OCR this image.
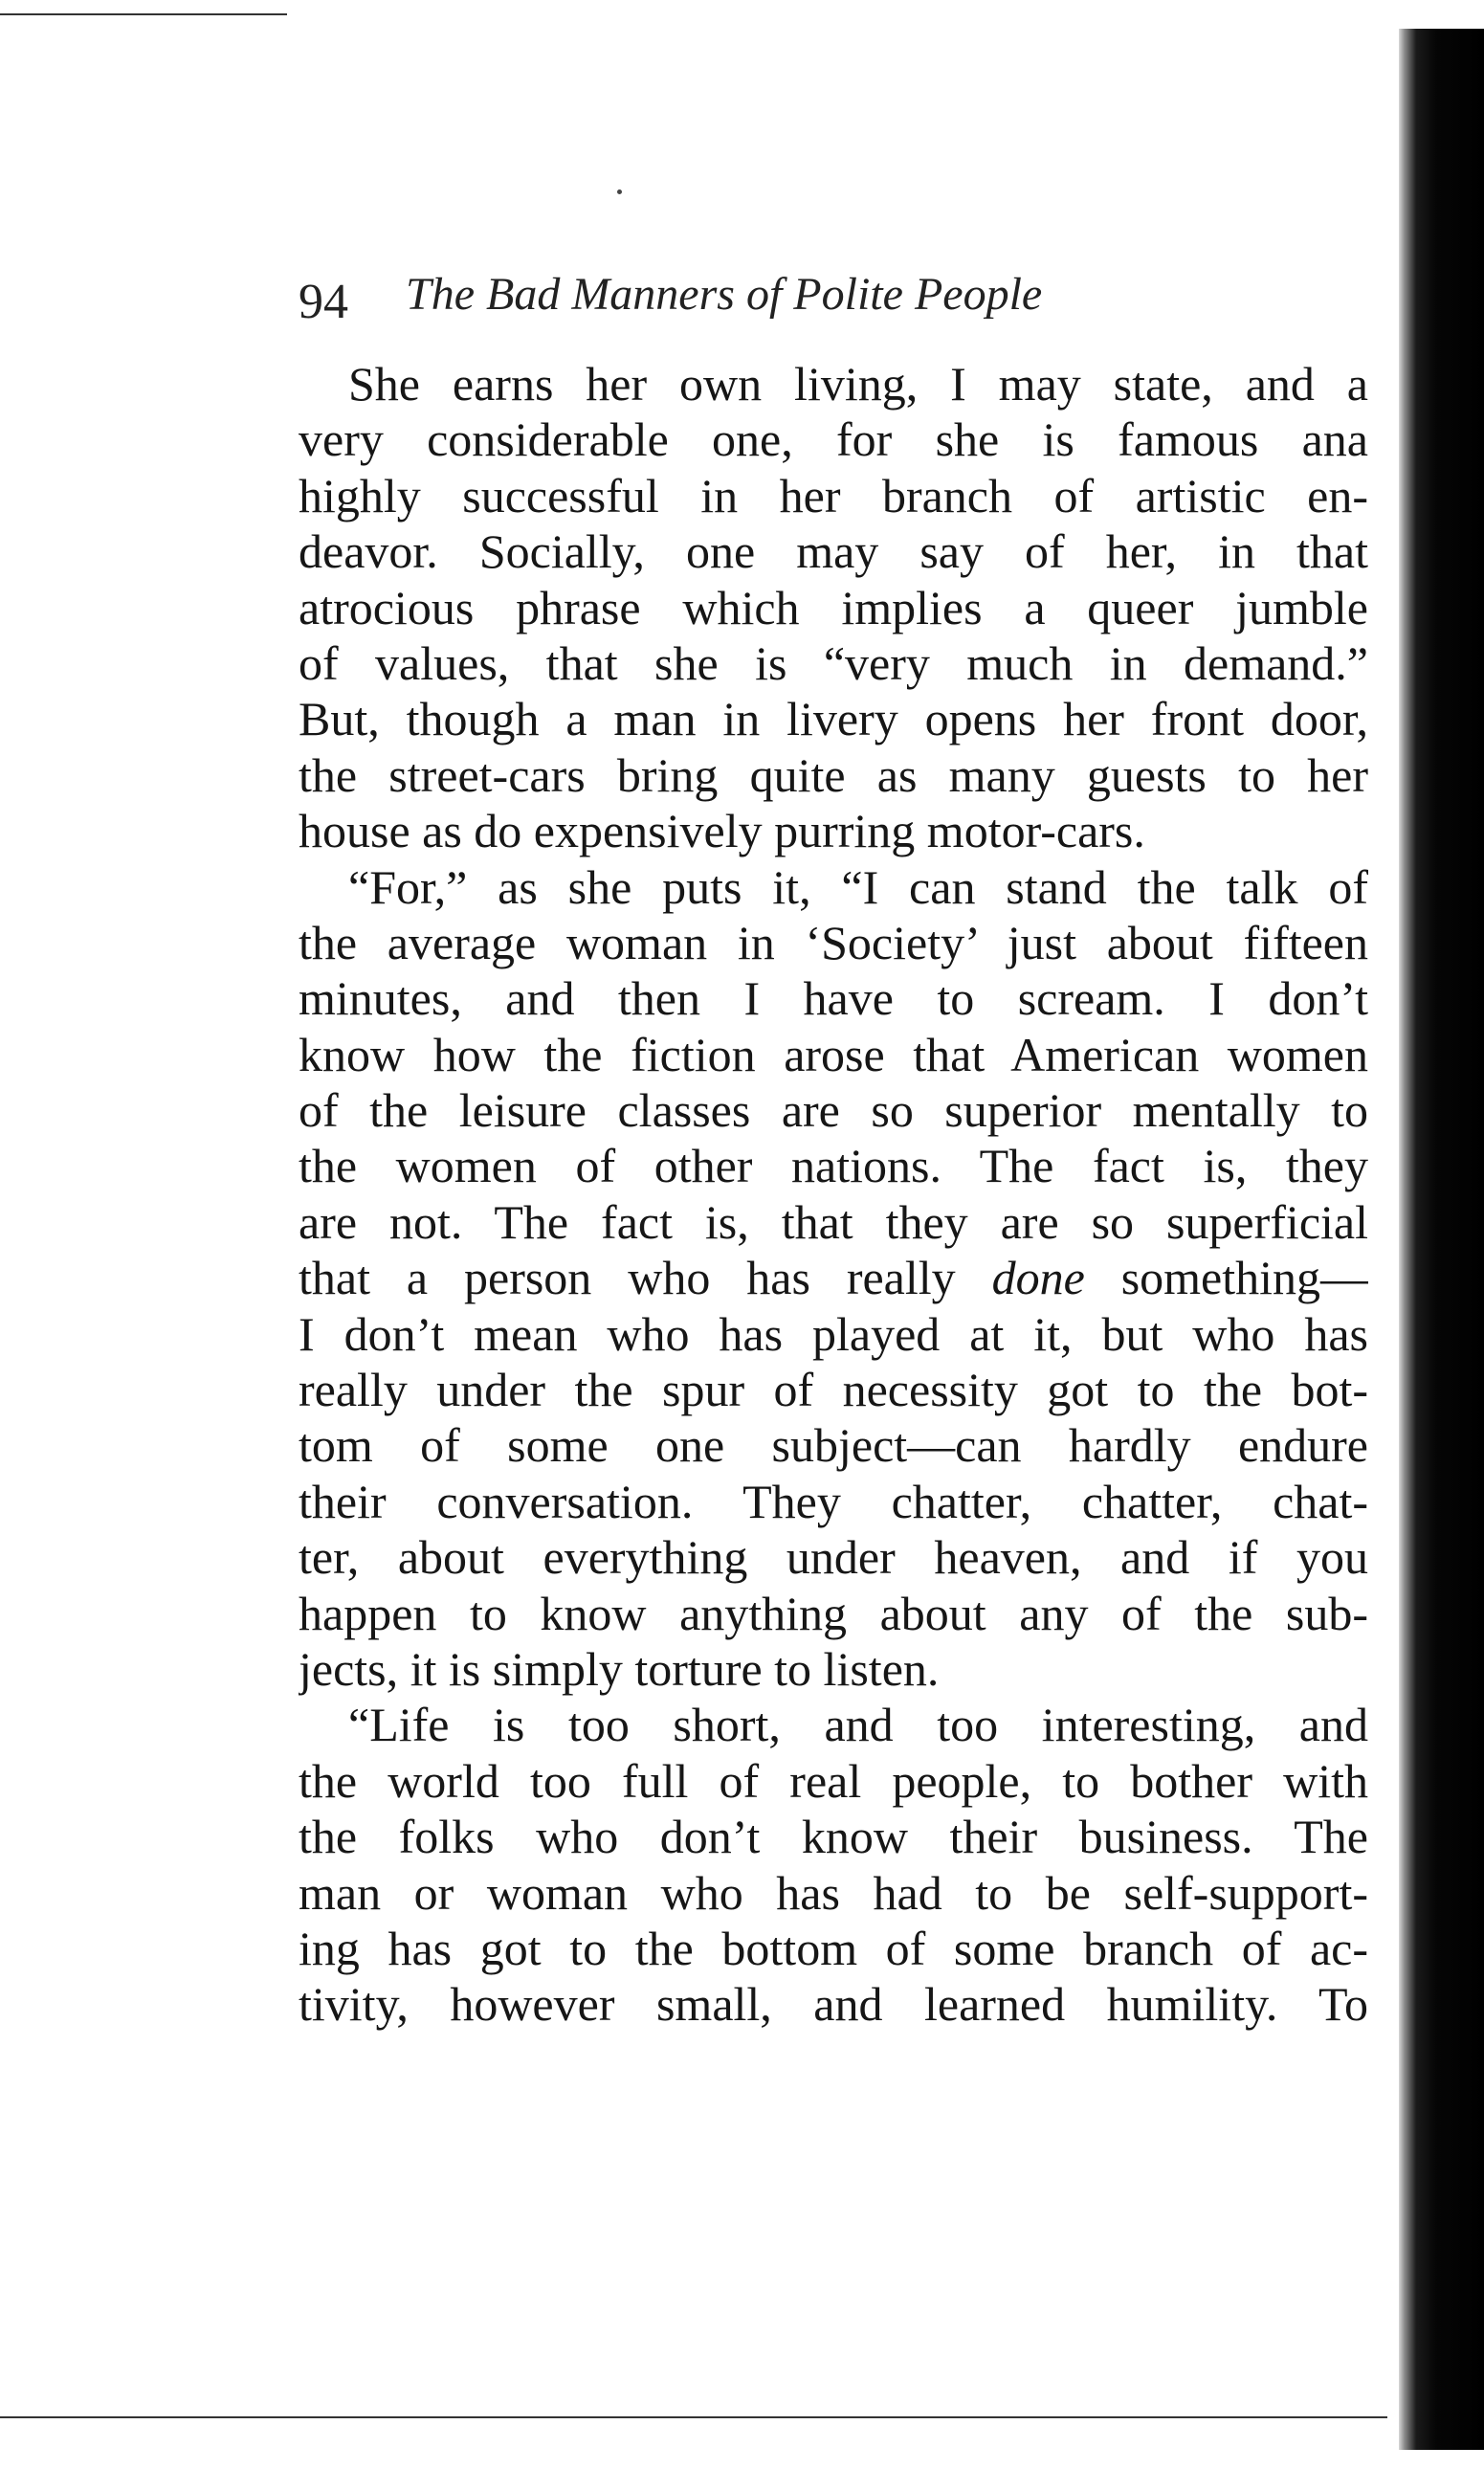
94 The Bad Manners of Polite People
She earns her own living, I may state, and a
very considerable one, for she is famous ana
highly successful in her branch of artistic en-
deavor. Socially, one may say of her, in that
atrocious phrase which implies a queer jumble
of values, that she is “very much in demand.”
But, though a man in livery opens her front door,
the street-cars bring quite as many guests to her
house as do expensively purring motor-cars.
“For,” as she puts it, “I can stand the talk of
the average woman in ‘Society’ just about fifteen
minutes, and then I have to scream. I don’t
know how the fiction arose that American women
of the leisure classes are so superior mentally to
the women of other nations. The fact is, they
are not. The fact is, that they are so superficial
that a person who has really done something—
I don’t mean who has played at it, but who has
really under the spur of necessity got to the bot-
tom of some one subject—can hardly endure
their conversation. They chatter, chatter, chat-
ter, about everything under heaven, and if you
happen to know anything about any of the sub-
jects, it is simply torture to listen.
“Life is too short, and too interesting, and
the world too full of real people, to bother with
the folks who don’t know their business. The
man or woman who has had to be self-support-
ing has got to the bottom of some branch of ac-
tivity, however small, and learned humility. To
